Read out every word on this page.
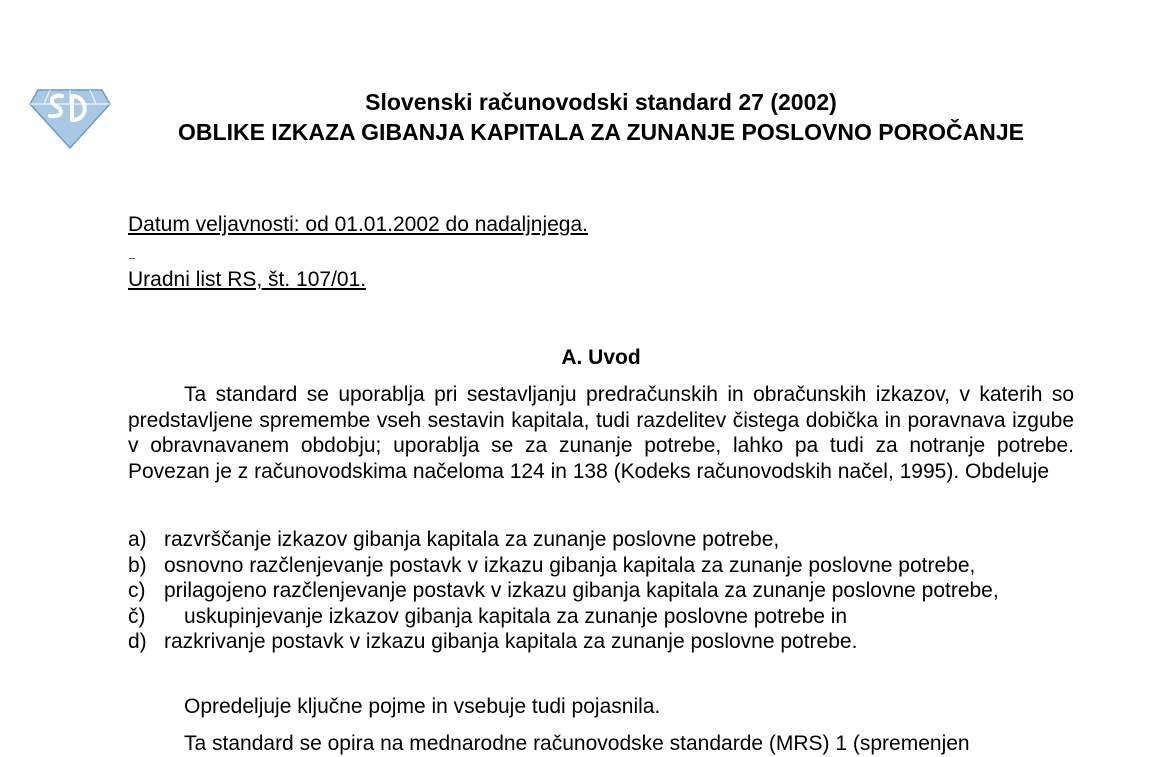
Slovenski računovodski standard 27 (2002)
OBLIKE IZKAZA GIBANJA KAPITALA ZA ZUNANJE POSLOVNO POROČANJE
Datum veljavnosti: od 01.01.2002 do nadaljnjega.
Uradni list RS, št. 107/01.
A. Uvod

Ta standard se uporablja pri sestavljanju predračunskih in obračunskih izkazov, v katerih so predstavljene spremembe vseh sestavin kapitala, tudi razdelitev čistega dobička in poravnava izgube v obravnavanem obdobju; uporablja se za zunanje potrebe, lahko pa tudi za notranje potrebe. Povezan je z računovodskima načeloma 124 in 138 (Kodeks računovodskih načel, 1995). Obdeluje

a) razvrščanje izkazov gibanja kapitala za zunanje poslovne potrebe,
b) osnovno razčlenjevanje postavk v izkazu gibanja kapitala za zunanje poslovne potrebe,
c) prilagojeno razčlenjevanje postavk v izkazu gibanja kapitala za zunanje poslovne potrebe,
č)	uskupinjevanje izkazov gibanja kapitala za zunanje poslovne potrebe in
d) razkrivanje postavk v izkazu gibanja kapitala za zunanje poslovne potrebe.

Opredeljuje ključne pojme in vsebuje tudi pojasnila.

Ta standard se opira na mednarodne računovodske standarde (MRS) 1 (spremenjen
